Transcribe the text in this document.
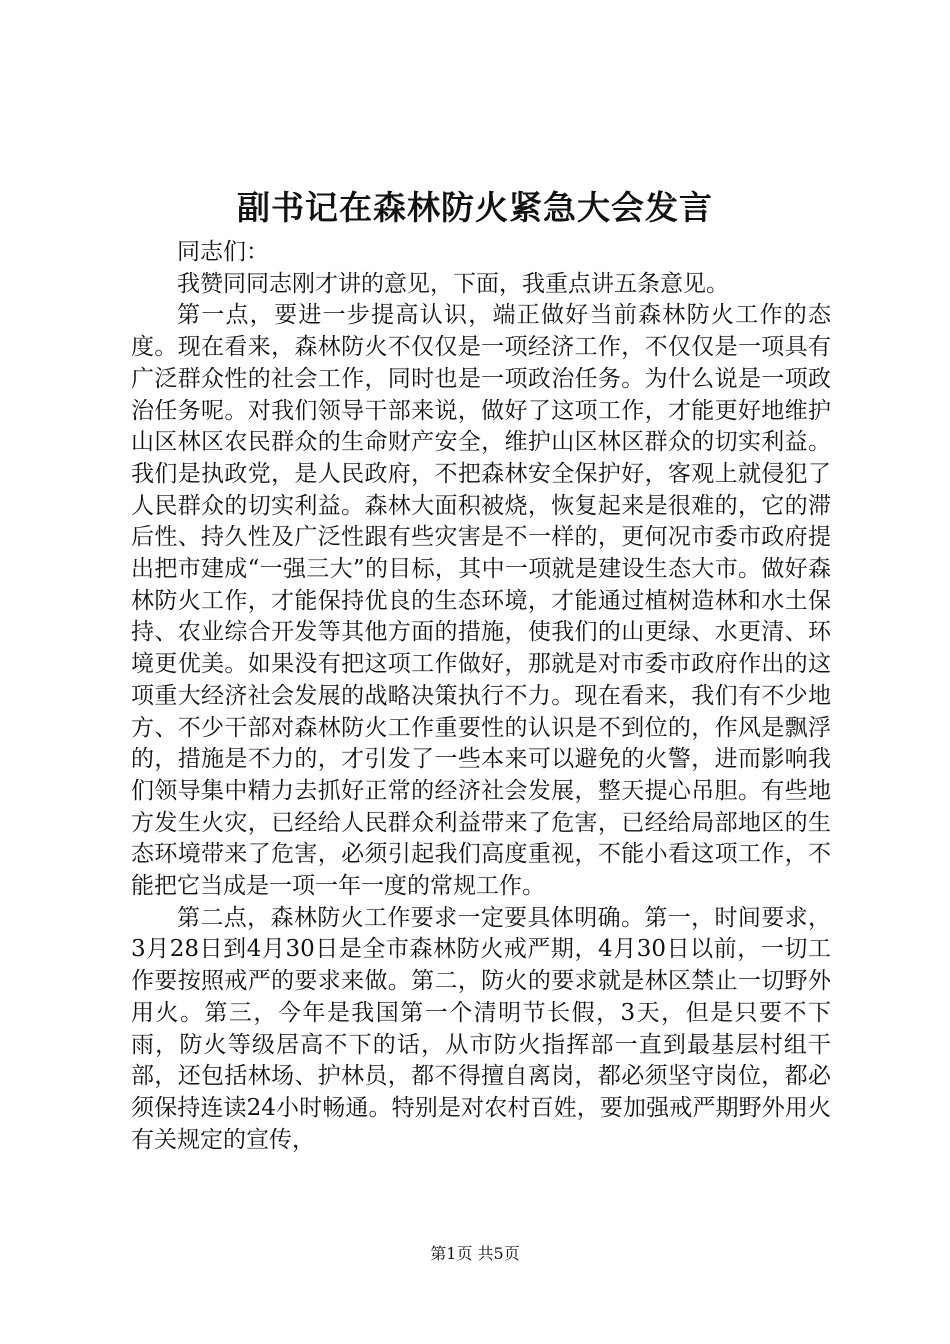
副书记在森林防火紧急大会发言

同志们：

我赞同同志刚才讲的意见，下面，我重点讲五条意见。

第一点，要进一步提高认识，端正做好当前森林防火工作的态度。现在看来，森林防火不仅仅是一项经济工作，不仅仅是一项具有广泛群众性的社会工作，同时也是一项政治任务。为什么说是一项政治任务呢。对我们领导干部来说，做好了这项工作，才能更好地维护山区林区农民群众的生命财产安全，维护山区林区群众的切实利益。我们是执政党，是人民政府，不把森林安全保护好，客观上就侵犯了人民群众的切实利益。森林大面积被烧，恢复起来是很难的，它的滞后性、持久性及广泛性跟有些灾害是不一样的，更何况市委市政府提出把市建成“一强三大”的目标，其中一项就是建设生态大市。做好森林防火工作，才能保持优良的生态环境，才能通过植树造林和水土保持、农业综合开发等其他方面的措施，使我们的山更绿、水更清、环境更优美。如果没有把这项工作做好，那就是对市委市政府作出的这项重大经济社会发展的战略决策执行不力。现在看来，我们有不少地方、不少干部对森林防火工作重要性的认识是不到位的，作风是飘浮的，措施是不力的，才引发了一些本来可以避免的火警，进而影响我们领导集中精力去抓好正常的经济社会发展，整天提心吊胆。有些地方发生火灾，已经给人民群众利益带来了危害，已经给局部地区的生态环境带来了危害，必须引起我们高度重视，不能小看这项工作，不能把它当成是一项一年一度的常规工作。

第二点，森林防火工作要求一定要具体明确。第一，时间要求，3月28日到4月30日是全市森林防火戒严期，4月30日以前，一切工作要按照戒严的要求来做。第二，防火的要求就是林区禁止一切野外用火。第三，今年是我国第一个清明节长假，3天，但是只要不下雨，防火等级居高不下的话，从市防火指挥部一直到最基层村组干部，还包括林场、护林员，都不得擅自离岗，都必须坚守岗位，都必须保持连读24小时畅通。特别是对农村百姓，要加强戒严期野外用火有关规定的宣传，

第1页 共5页
